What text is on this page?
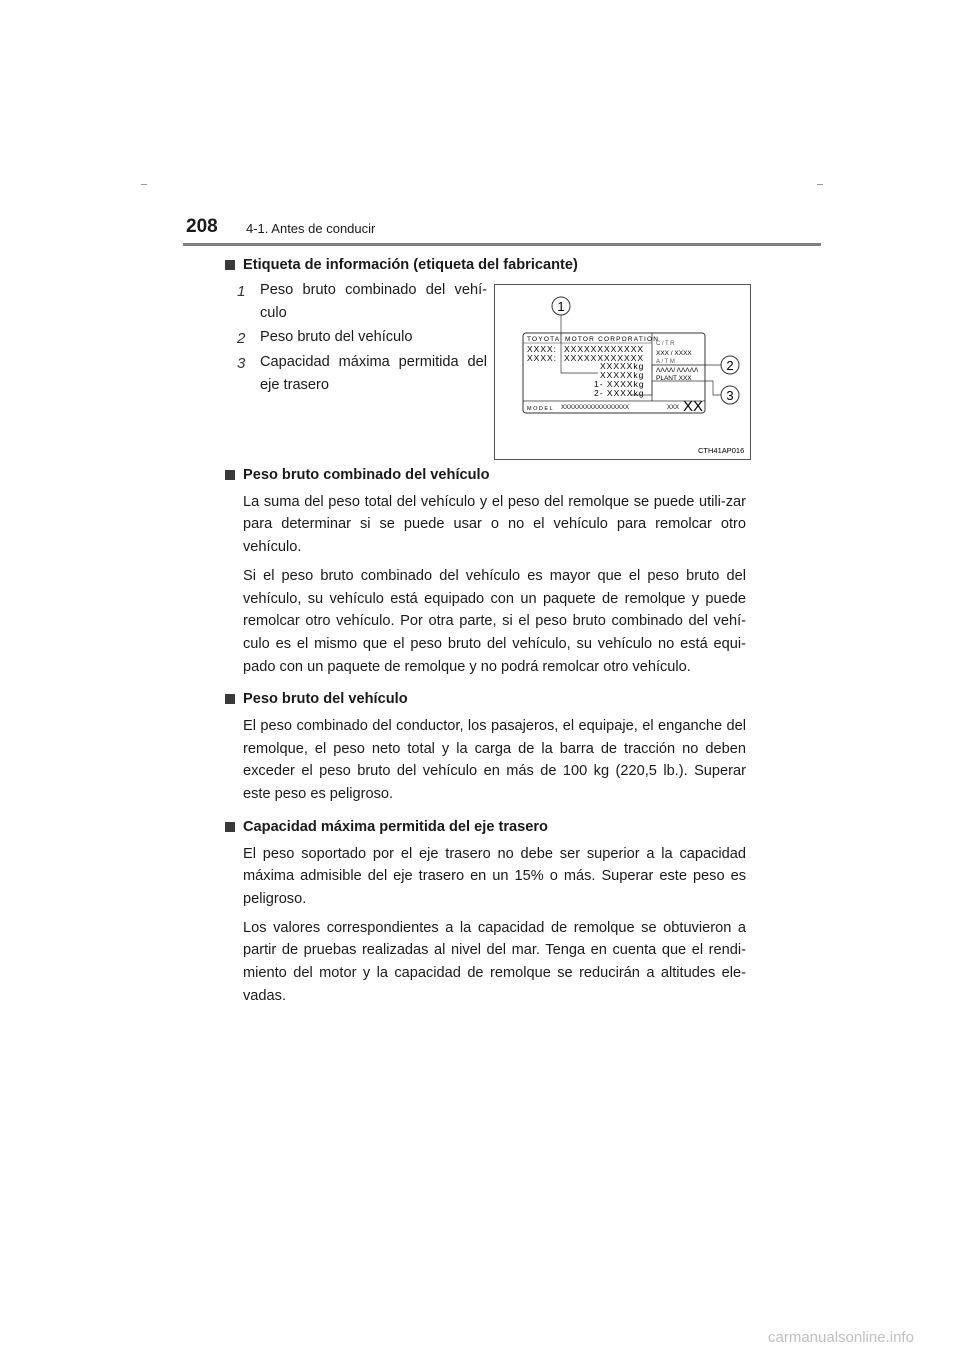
208 4-1. Antes de conducir
Etiqueta de información (etiqueta del fabricante)
1 Peso bruto combinado del vehí-culo
2 Peso bruto del vehículo
3 Capacidad máxima permitida del eje trasero
TOYOTA MOTOR CORPORATION
XXXX: XXXXXXXXXXXX
XXXX: XXXXXXXXXXXX
C/TR
XXX / XXXX
A/TM
XXXXXkg
XXXXXkg
1- XXXXkg
2- XXXXkg
ΛΛΛΛ/ ΛΛΛΛΛ
PLANT XXX
MODEL XXXXXXXXXXXXXXXXX	XXX XX
1
2
3
CTH41AP016
Peso bruto combinado del vehículo

La suma del peso total del vehículo y el peso del remolque se puede utili-zar para determinar si se puede usar o no el vehículo para remolcar otro vehículo.

Si el peso bruto combinado del vehículo es mayor que el peso bruto del vehículo, su vehículo está equipado con un paquete de remolque y puede remolcar otro vehículo. Por otra parte, si el peso bruto combinado del vehí-culo es el mismo que el peso bruto del vehículo, su vehículo no está equi-pado con un paquete de remolque y no podrá remolcar otro vehículo.

Peso bruto del vehículo

El peso combinado del conductor, los pasajeros, el equipaje, el enganche del remolque, el peso neto total y la carga de la barra de tracción no deben exceder el peso bruto del vehículo en más de 100 kg (220,5 lb.). Superar este peso es peligroso.

Capacidad máxima permitida del eje trasero

El peso soportado por el eje trasero no debe ser superior a la capacidad máxima admisible del eje trasero en un 15% o más. Superar este peso es peligroso.

Los valores correspondientes a la capacidad de remolque se obtuvieron a partir de pruebas realizadas al nivel del mar. Tenga en cuenta que el rendi-miento del motor y la capacidad de remolque se reducirán a altitudes ele-vadas.

carmanualsonline.info
